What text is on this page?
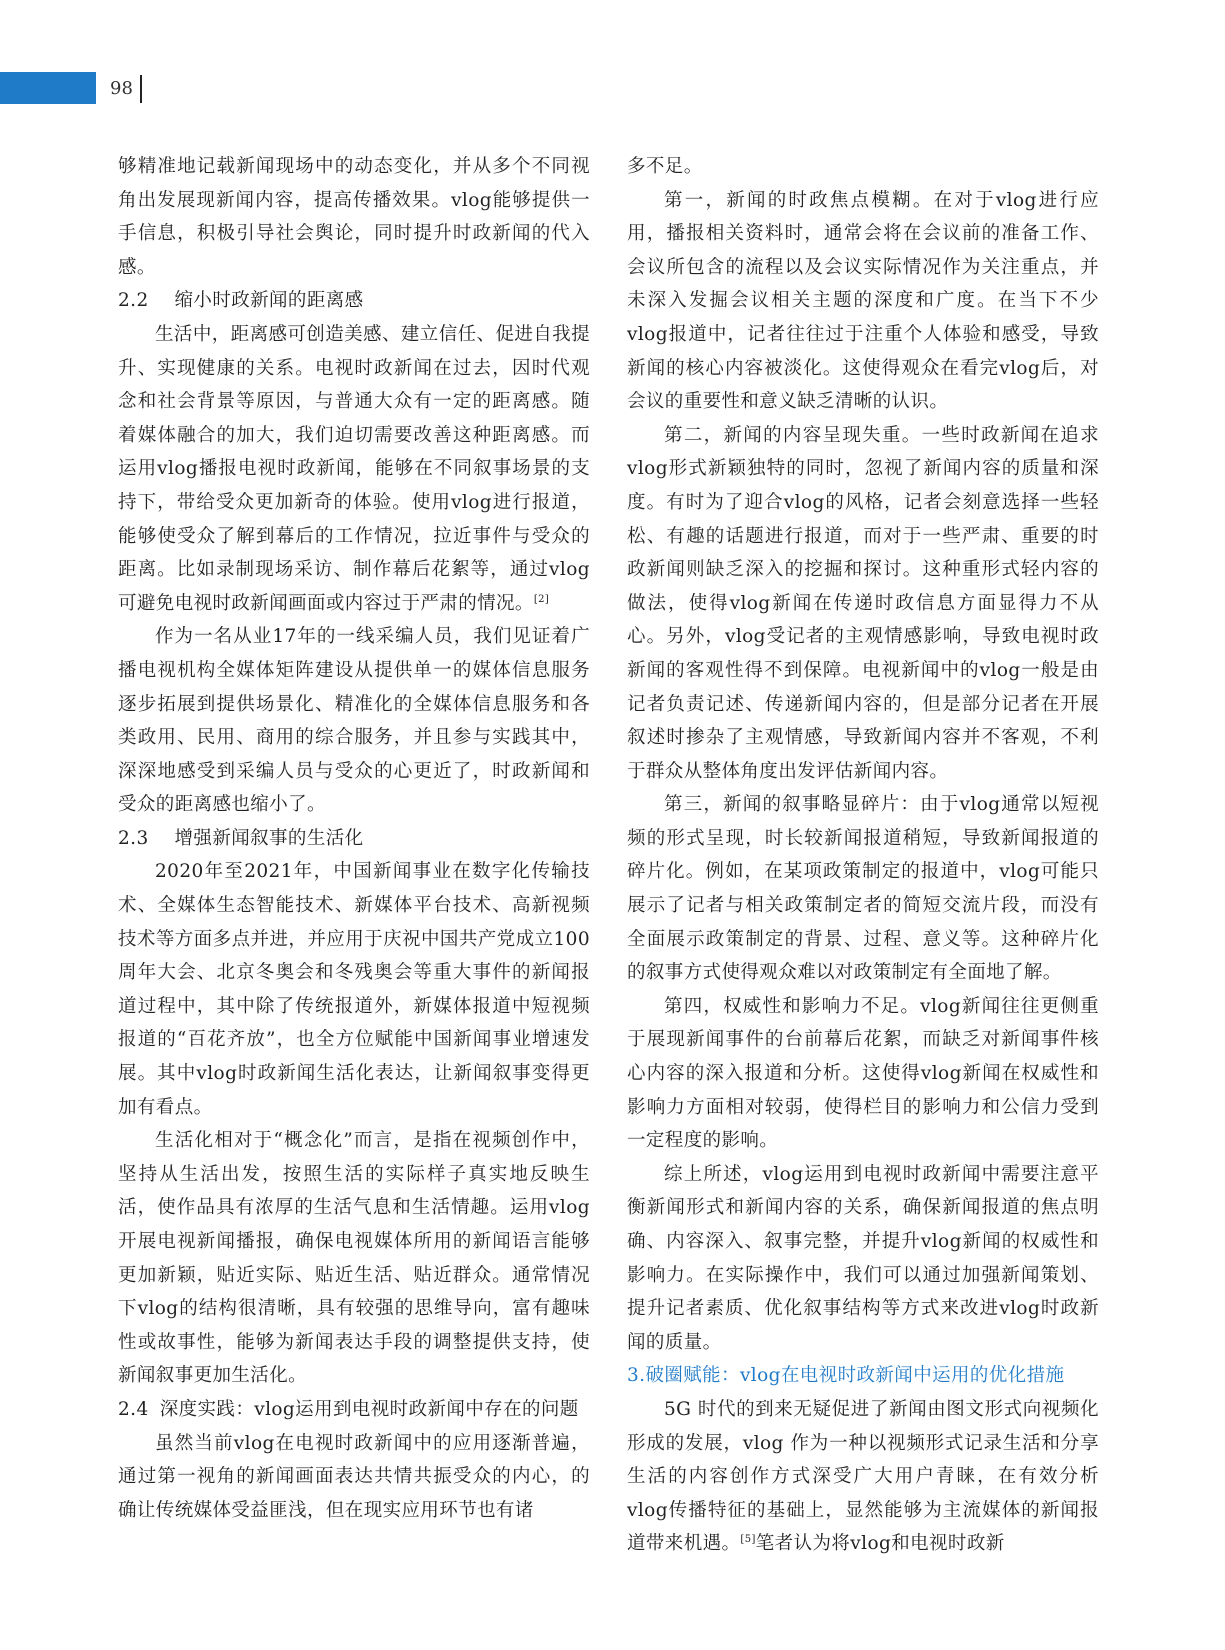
98

够精准地记载新闻现场中的动态变化，并从多个不同视角出发展现新闻内容，提高传播效果。vlog能够提供一手信息，积极引导社会舆论，同时提升时政新闻的代入感。

2.2 缩小时政新闻的距离感

生活中，距离感可创造美感、建立信任、促进自我提升、实现健康的关系。电视时政新闻在过去，因时代观念和社会背景等原因，与普通大众有一定的距离感。随着媒体融合的加大，我们迫切需要改善这种距离感。而运用vlog播报电视时政新闻，能够在不同叙事场景的支持下，带给受众更加新奇的体验。使用vlog进行报道，能够使受众了解到幕后的工作情况，拉近事件与受众的距离。比如录制现场采访、制作幕后花絮等，通过vlog可避免电视时政新闻画面或内容过于严肃的情况。[2]

作为一名从业17年的一线采编人员，我们见证着广播电视机构全媒体矩阵建设从提供单一的媒体信息服务逐步拓展到提供场景化、精准化的全媒体信息服务和各类政用、民用、商用的综合服务，并且参与实践其中，深深地感受到采编人员与受众的心更近了，时政新闻和受众的距离感也缩小了。

2.3 增强新闻叙事的生活化

2020年至2021年，中国新闻事业在数字化传输技术、全媒体生态智能技术、新媒体平台技术、高新视频技术等方面多点并进，并应用于庆祝中国共产党成立100周年大会、北京冬奥会和冬残奥会等重大事件的新闻报道过程中，其中除了传统报道外，新媒体报道中短视频报道的“百花齐放”，也全方位赋能中国新闻事业增速发展。其中vlog时政新闻生活化表达，让新闻叙事变得更加有看点。

生活化相对于“概念化”而言，是指在视频创作中，坚持从生活出发，按照生活的实际样子真实地反映生活，使作品具有浓厚的生活气息和生活情趣。运用vlog开展电视新闻播报，确保电视媒体所用的新闻语言能够更加新颖，贴近实际、贴近生活、贴近群众。通常情况下vlog的结构很清晰，具有较强的思维导向，富有趣味性或故事性，能够为新闻表达手段的调整提供支持，使新闻叙事更加生活化。

2.4 深度实践：vlog运用到电视时政新闻中存在的问题

虽然当前vlog在电视时政新闻中的应用逐渐普遍，通过第一视角的新闻画面表达共情共振受众的内心，的确让传统媒体受益匪浅，但在现实应用环节也有诸

多不足。

第一，新闻的时政焦点模糊。在对于vlog进行应用，播报相关资料时，通常会将在会议前的准备工作、会议所包含的流程以及会议实际情况作为关注重点，并未深入发掘会议相关主题的深度和广度。在当下不少vlog报道中，记者往往过于注重个人体验和感受，导致新闻的核心内容被淡化。这使得观众在看完vlog后，对会议的重要性和意义缺乏清晰的认识。

第二，新闻的内容呈现失重。一些时政新闻在追求vlog形式新颖独特的同时，忽视了新闻内容的质量和深度。有时为了迎合vlog的风格，记者会刻意选择一些轻松、有趣的话题进行报道，而对于一些严肃、重要的时政新闻则缺乏深入的挖掘和探讨。这种重形式轻内容的做法，使得vlog新闻在传递时政信息方面显得力不从心。另外，vlog受记者的主观情感影响，导致电视时政新闻的客观性得不到保障。电视新闻中的vlog一般是由记者负责记述、传递新闻内容的，但是部分记者在开展叙述时掺杂了主观情感，导致新闻内容并不客观，不利于群众从整体角度出发评估新闻内容。

第三，新闻的叙事略显碎片：由于vlog通常以短视频的形式呈现，时长较新闻报道稍短，导致新闻报道的碎片化。例如，在某项政策制定的报道中，vlog可能只展示了记者与相关政策制定者的简短交流片段，而没有全面展示政策制定的背景、过程、意义等。这种碎片化的叙事方式使得观众难以对政策制定有全面地了解。

第四，权威性和影响力不足。vlog新闻往往更侧重于展现新闻事件的台前幕后花絮，而缺乏对新闻事件核心内容的深入报道和分析。这使得vlog新闻在权威性和影响力方面相对较弱，使得栏目的影响力和公信力受到一定程度的影响。

综上所述，vlog运用到电视时政新闻中需要注意平衡新闻形式和新闻内容的关系，确保新闻报道的焦点明确、内容深入、叙事完整，并提升vlog新闻的权威性和影响力。在实际操作中，我们可以通过加强新闻策划、提升记者素质、优化叙事结构等方式来改进vlog时政新闻的质量。

3.破圈赋能：vlog在电视时政新闻中运用的优化措施

5G 时代的到来无疑促进了新闻由图文形式向视频化形成的发展，vlog 作为一种以视频形式记录生活和分享生活的内容创作方式深受广大用户青睐，在有效分析 vlog传播特征的基础上，显然能够为主流媒体的新闻报道带来机遇。[5]笔者认为将vlog和电视时政新
